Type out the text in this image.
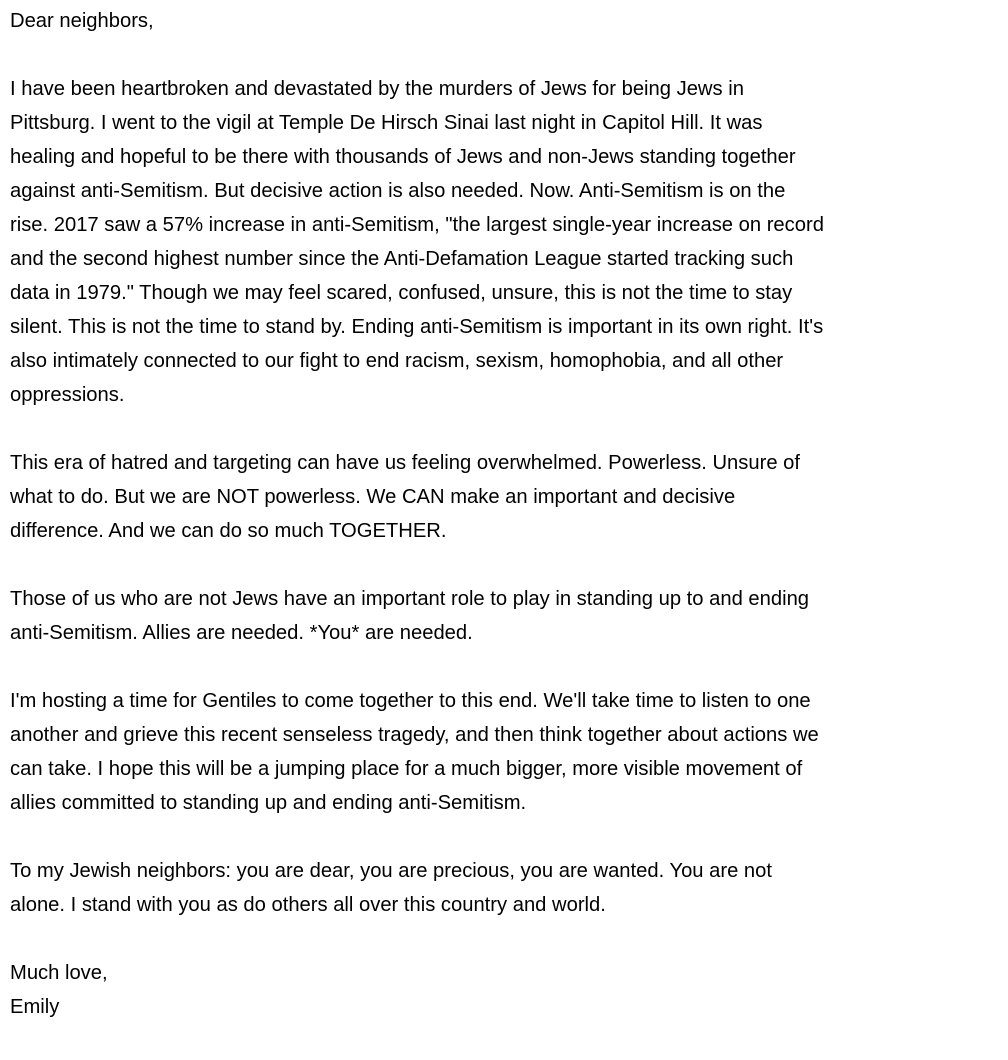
Dear neighbors,

I have been heartbroken and devastated by the murders of Jews for being Jews in
Pittsburg. I went to the vigil at Temple De Hirsch Sinai last night in Capitol Hill. It was
healing and hopeful to be there with thousands of Jews and non-Jews standing together
against anti-Semitism. But decisive action is also needed. Now. Anti-Semitism is on the
rise. 2017 saw a 57% increase in anti-Semitism, "the largest single-year increase on record
and the second highest number since the Anti-Defamation League started tracking such
data in 1979." Though we may feel scared, confused, unsure, this is not the time to stay
silent. This is not the time to stand by. Ending anti-Semitism is important in its own right. It's
also intimately connected to our fight to end racism, sexism, homophobia, and all other
oppressions.

This era of hatred and targeting can have us feeling overwhelmed. Powerless. Unsure of
what to do. But we are NOT powerless. We CAN make an important and decisive
difference. And we can do so much TOGETHER.

Those of us who are not Jews have an important role to play in standing up to and ending
anti-Semitism. Allies are needed. *You* are needed.

I'm hosting a time for Gentiles to come together to this end. We'll take time to listen to one
another and grieve this recent senseless tragedy, and then think together about actions we
can take. I hope this will be a jumping place for a much bigger, more visible movement of
allies committed to standing up and ending anti-Semitism.

To my Jewish neighbors: you are dear, you are precious, you are wanted. You are not
alone. I stand with you as do others all over this country and world.

Much love,
Emily
